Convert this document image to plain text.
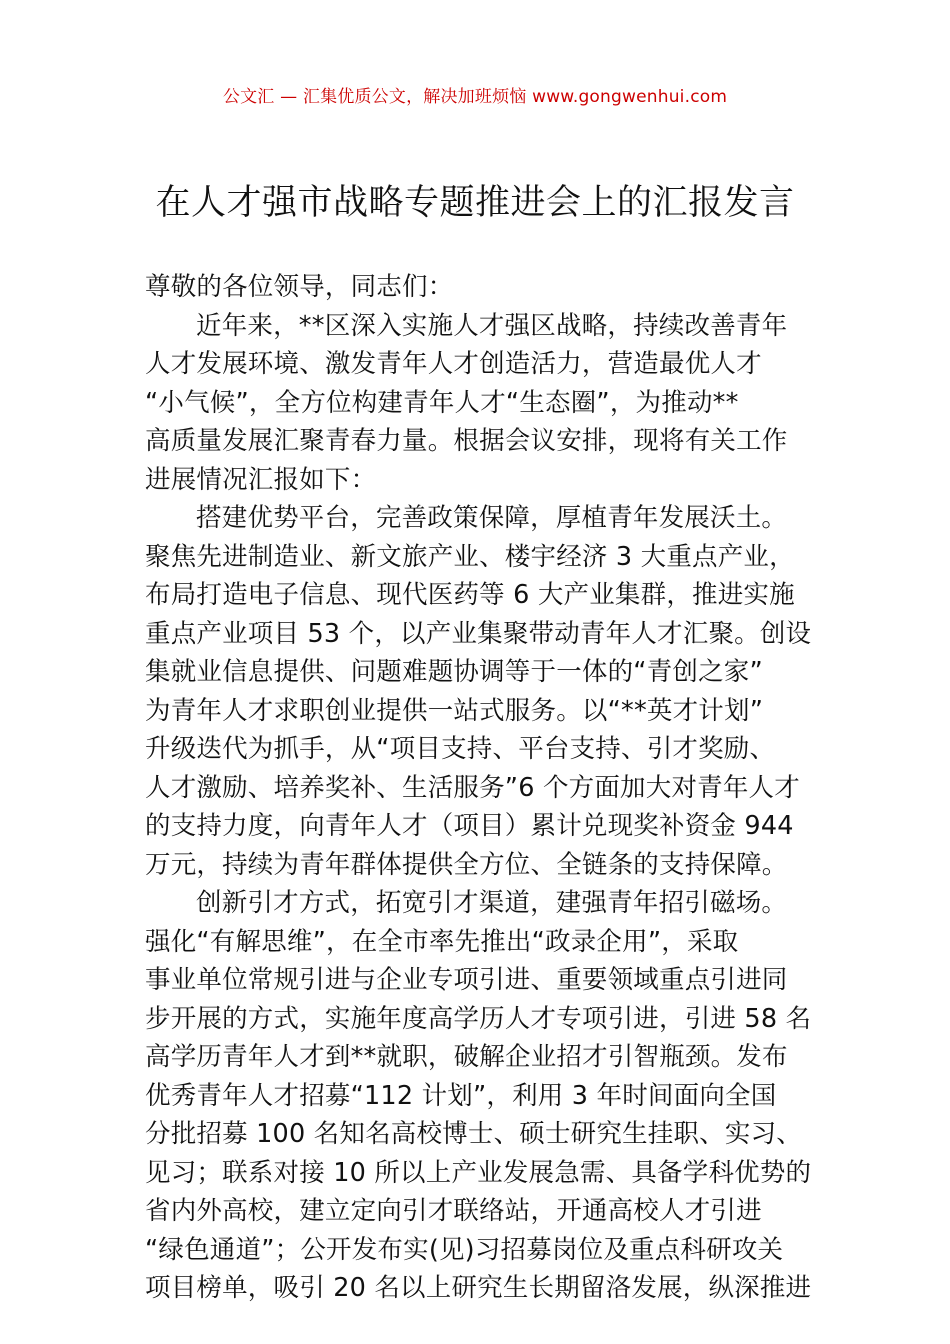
公文汇 — 汇集优质公文，解决加班烦恼 www.gongwenhui.com
在人才强市战略专题推进会上的汇报发言
尊敬的各位领导，同志们：
近年来，**区深入实施人才强区战略，持续改善青年
人才发展环境、激发青年人才创造活力，营造最优人才
“小气候”，全方位构建青年人才“生态圈”，为推动**
高质量发展汇聚青春力量。根据会议安排，现将有关工作
进展情况汇报如下：
搭建优势平台，完善政策保障，厚植青年发展沃土。
聚焦先进制造业、新文旅产业、楼宇经济 3 大重点产业，
布局打造电子信息、现代医药等 6 大产业集群，推进实施
重点产业项目 53 个，以产业集聚带动青年人才汇聚。创设
集就业信息提供、问题难题协调等于一体的“青创之家”
为青年人才求职创业提供一站式服务。以“**英才计划”
升级迭代为抓手，从“项目支持、平台支持、引才奖励、
人才激励、培养奖补、生活服务”6 个方面加大对青年人才
的支持力度，向青年人才（项目）累计兑现奖补资金 944
万元，持续为青年群体提供全方位、全链条的支持保障。
创新引才方式，拓宽引才渠道，建强青年招引磁场。
强化“有解思维”，在全市率先推出“政录企用”，采取
事业单位常规引进与企业专项引进、重要领域重点引进同
步开展的方式，实施年度高学历人才专项引进，引进 58 名
高学历青年人才到**就职，破解企业招才引智瓶颈。发布
优秀青年人才招募“112 计划”，利用 3 年时间面向全国
分批招募 100 名知名高校博士、硕士研究生挂职、实习、
见习；联系对接 10 所以上产业发展急需、具备学科优势的
省内外高校，建立定向引才联络站，开通高校人才引进
“绿色通道”；公开发布实(见)习招募岗位及重点科研攻关
项目榜单，吸引 20 名以上研究生长期留洛发展，纵深推进
